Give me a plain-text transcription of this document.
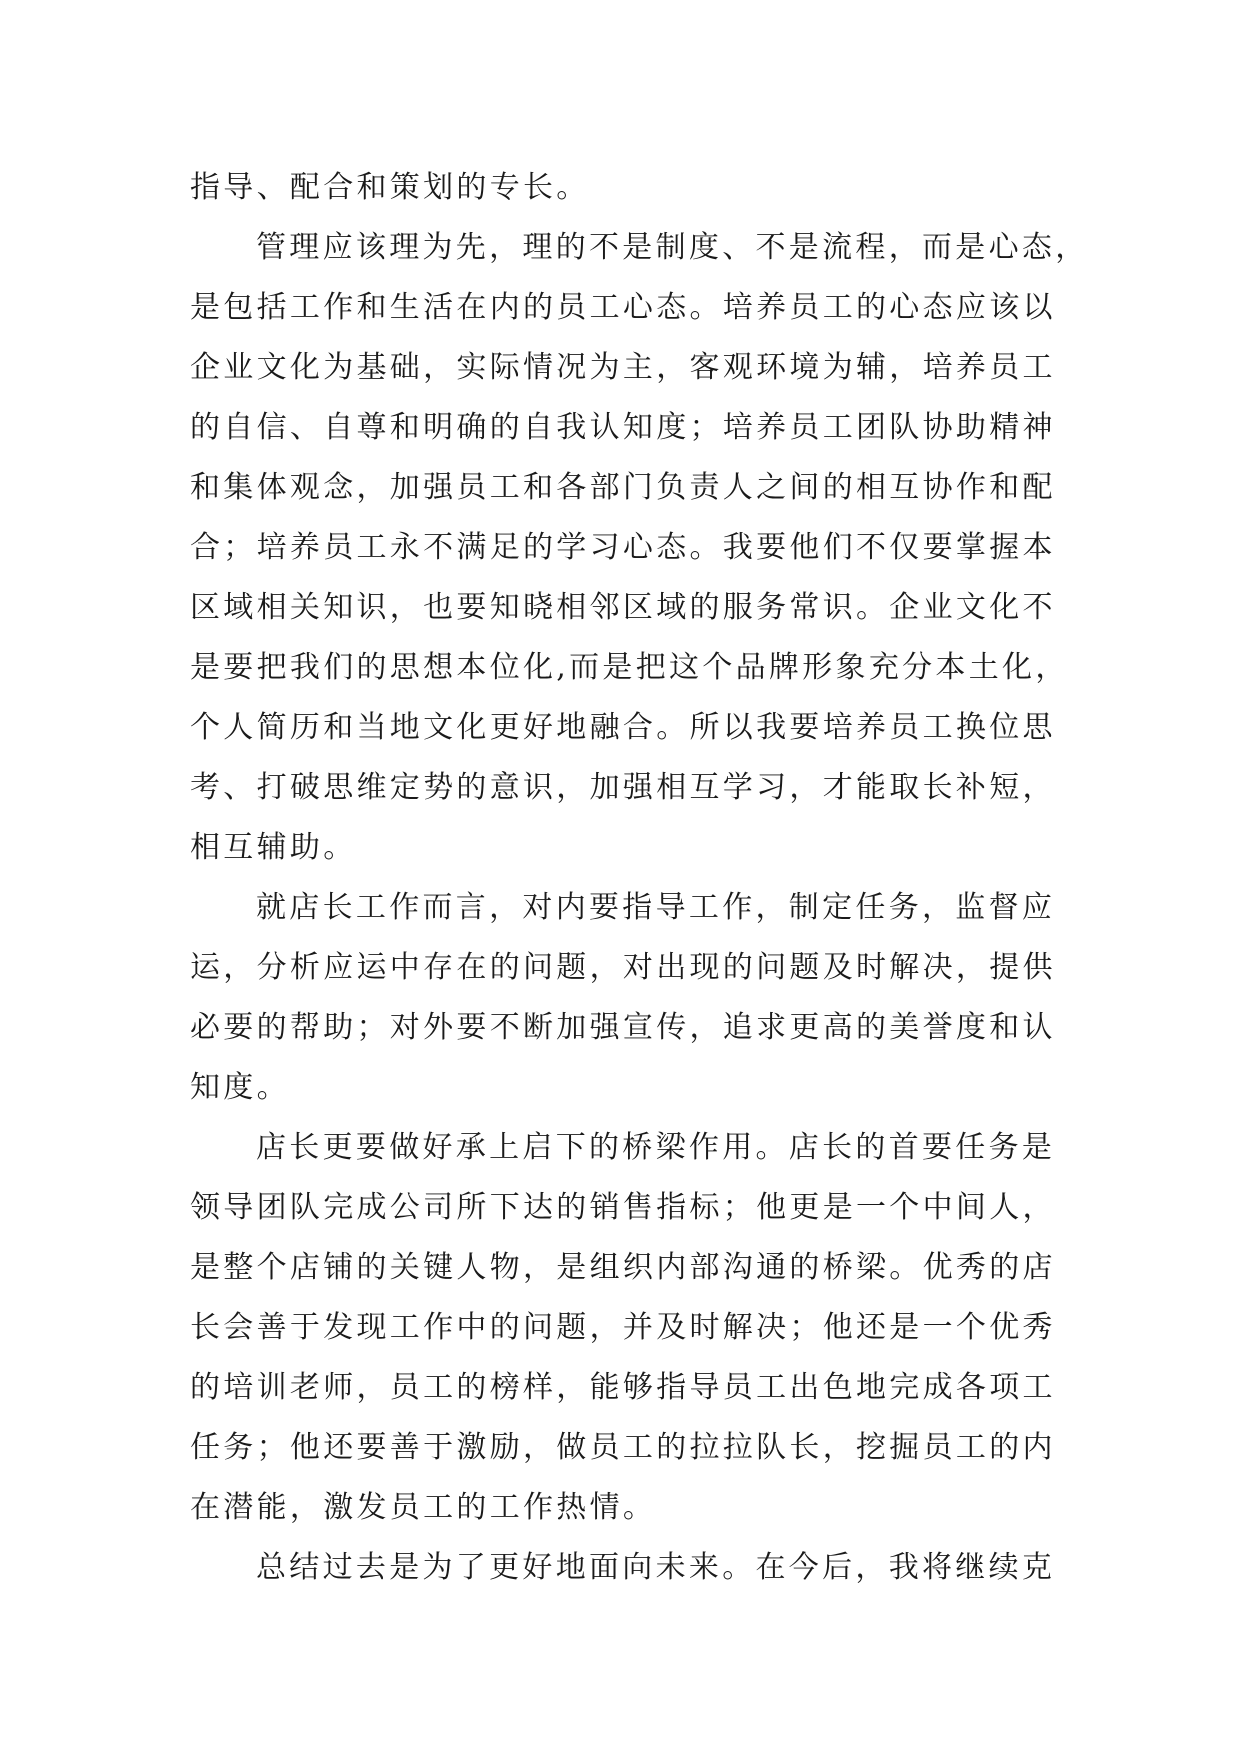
指导、配合和策划的专长。
管理应该理为先，理的不是制度、不是流程，而是心态，
是包括工作和生活在内的员工心态。培养员工的心态应该以
企业文化为基础，实际情况为主，客观环境为辅，培养员工
的自信、自尊和明确的自我认知度；培养员工团队协助精神
和集体观念，加强员工和各部门负责人之间的相互协作和配
合；培养员工永不满足的学习心态。我要他们不仅要掌握本
区域相关知识，也要知晓相邻区域的服务常识。企业文化不
是要把我们的思想本位化,而是把这个品牌形象充分本土化，
个人简历和当地文化更好地融合。所以我要培养员工换位思
考、打破思维定势的意识，加强相互学习，才能取长补短，
相互辅助。
就店长工作而言，对内要指导工作，制定任务，监督应
运，分析应运中存在的问题，对出现的问题及时解决，提供
必要的帮助；对外要不断加强宣传，追求更高的美誉度和认
知度。
店长更要做好承上启下的桥梁作用。店长的首要任务是
领导团队完成公司所下达的销售指标；他更是一个中间人，
是整个店铺的关键人物，是组织内部沟通的桥梁。优秀的店
长会善于发现工作中的问题，并及时解决；他还是一个优秀
的培训老师，员工的榜样，能够指导员工出色地完成各项工
任务；他还要善于激励，做员工的拉拉队长，挖掘员工的内
在潜能，激发员工的工作热情。
总结过去是为了更好地面向未来。在今后，我将继续克
